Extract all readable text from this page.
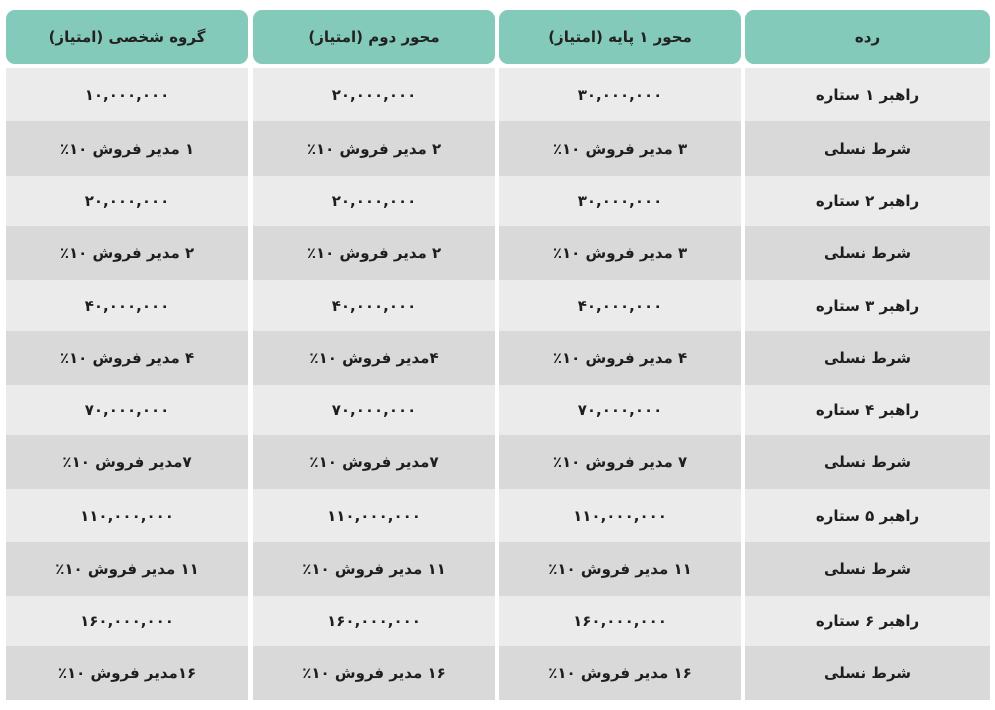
رده
محور ۱ پایه (امتیاز)
محور دوم (امتیاز)
گروه شخصی (امتیاز)
راهبر ۱ ستاره
۳۰,۰۰۰,۰۰۰
۲۰,۰۰۰,۰۰۰
۱۰,۰۰۰,۰۰۰
شرط نسلی
۳ مدیر فروش ۱۰٪
۲ مدیر فروش ۱۰٪
۱ مدیر فروش ۱۰٪
راهبر ۲ ستاره
۳۰,۰۰۰,۰۰۰
۲۰,۰۰۰,۰۰۰
۲۰,۰۰۰,۰۰۰
شرط نسلی
۳ مدیر فروش ۱۰٪
۲ مدیر فروش ۱۰٪
۲ مدیر فروش ۱۰٪
راهبر ۳ ستاره
۴۰,۰۰۰,۰۰۰
۴۰,۰۰۰,۰۰۰
۴۰,۰۰۰,۰۰۰
شرط نسلی
۴ مدیر فروش ۱۰٪
۴مدیر فروش ۱۰٪
۴ مدیر فروش ۱۰٪
راهبر ۴ ستاره
۷۰,۰۰۰,۰۰۰
۷۰,۰۰۰,۰۰۰
۷۰,۰۰۰,۰۰۰
شرط نسلی
۷ مدیر فروش ۱۰٪
۷مدیر فروش ۱۰٪
۷مدیر فروش ۱۰٪
راهبر ۵ ستاره
۱۱۰,۰۰۰,۰۰۰
۱۱۰,۰۰۰,۰۰۰
۱۱۰,۰۰۰,۰۰۰
شرط نسلی
۱۱ مدیر فروش ۱۰٪
۱۱ مدیر فروش ۱۰٪
۱۱ مدیر فروش ۱۰٪
راهبر ۶ ستاره
۱۶۰,۰۰۰,۰۰۰
۱۶۰,۰۰۰,۰۰۰
۱۶۰,۰۰۰,۰۰۰
شرط نسلی
۱۶ مدیر فروش ۱۰٪
۱۶ مدیر فروش ۱۰٪
۱۶مدیر فروش ۱۰٪
